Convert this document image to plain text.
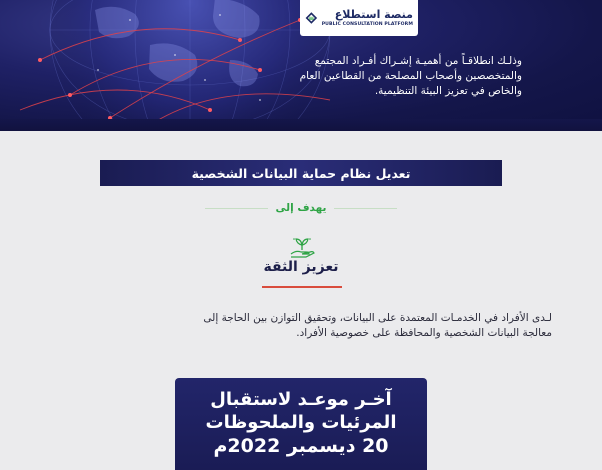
منصة استطلاع
PUBLIC CONSULTATION PLATFORM
وذلـك انطلاقـاً من أهميـة إشـراك أفـراد المجتمع
والمتخصصين وأصحاب المصلحة من القطاعين العام
والخاص في تعزيز البيئة التنظيمية.
تعديل نظام حماية البيانات الشخصية
يهدف إلى
تعزيز الثقة
لـدى الأفراد في الخدمـات المعتمدة على البيانات، وتحقيق التوازن بين الحاجة إلى
معالجة البيانات الشخصية والمحافظة على خصوصية الأفراد.
آخـر موعـد لاستقبال
المرئيات والملحوظات
20 ديسمبر 2022م
